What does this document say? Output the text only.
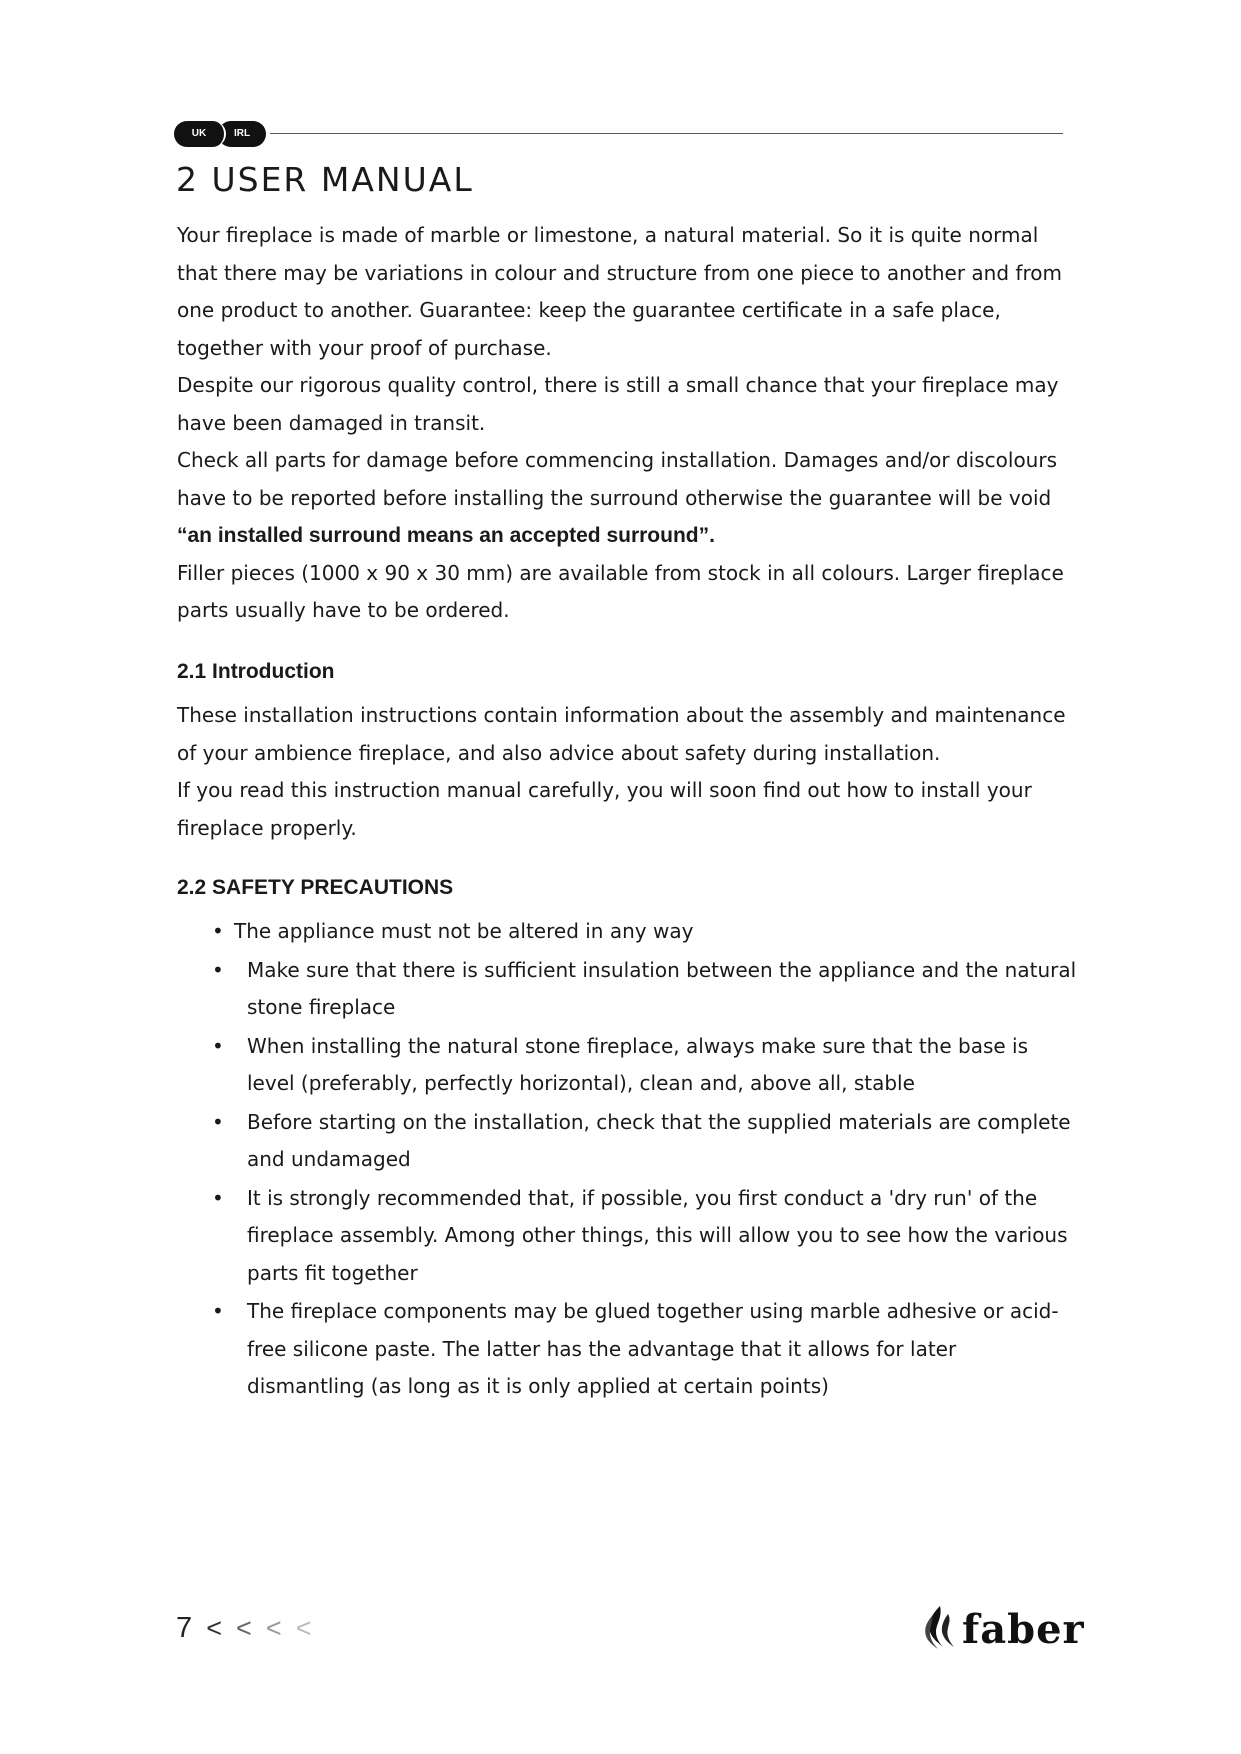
UK	IRL
2 USER MANUAL
Your fireplace is made of marble or limestone, a natural material. So it is quite normal that there may be variations in colour and structure from one piece to another and from one product to another. Guarantee: keep the guarantee certificate in a safe place, together with your proof of purchase.
Despite our rigorous quality control, there is still a small chance that your fireplace may have been damaged in transit.
Check all parts for damage before commencing installation. Damages and/or discolours have to be reported before installing the surround otherwise the guarantee will be void
“an installed surround means an accepted surround”.
Filler pieces (1000 x 90 x 30 mm) are available from stock in all colours. Larger fireplace parts usually have to be ordered.
2.1 Introduction
These installation instructions contain information about the assembly and maintenance of your ambience fireplace, and also advice about safety during installation.
If you read this instruction manual carefully, you will soon find out how to install your fireplace properly.
2.2 SAFETY PRECAUTIONS
• The appliance must not be altered in any way
• Make sure that there is sufficient insulation between the appliance and the natural stone fireplace
• When installing the natural stone fireplace, always make sure that the base is level (preferably, perfectly horizontal), clean and, above all, stable
• Before starting on the installation, check that the supplied materials are complete and undamaged
• It is strongly recommended that, if possible, you first conduct a 'dry run' of the fireplace assembly. Among other things, this will allow you to see how the various parts fit together
• The fireplace components may be glued together using marble adhesive or acid-free silicone paste. The latter has the advantage that it allows for later dismantling (as long as it is only applied at certain points)
7 < < < <	faber
